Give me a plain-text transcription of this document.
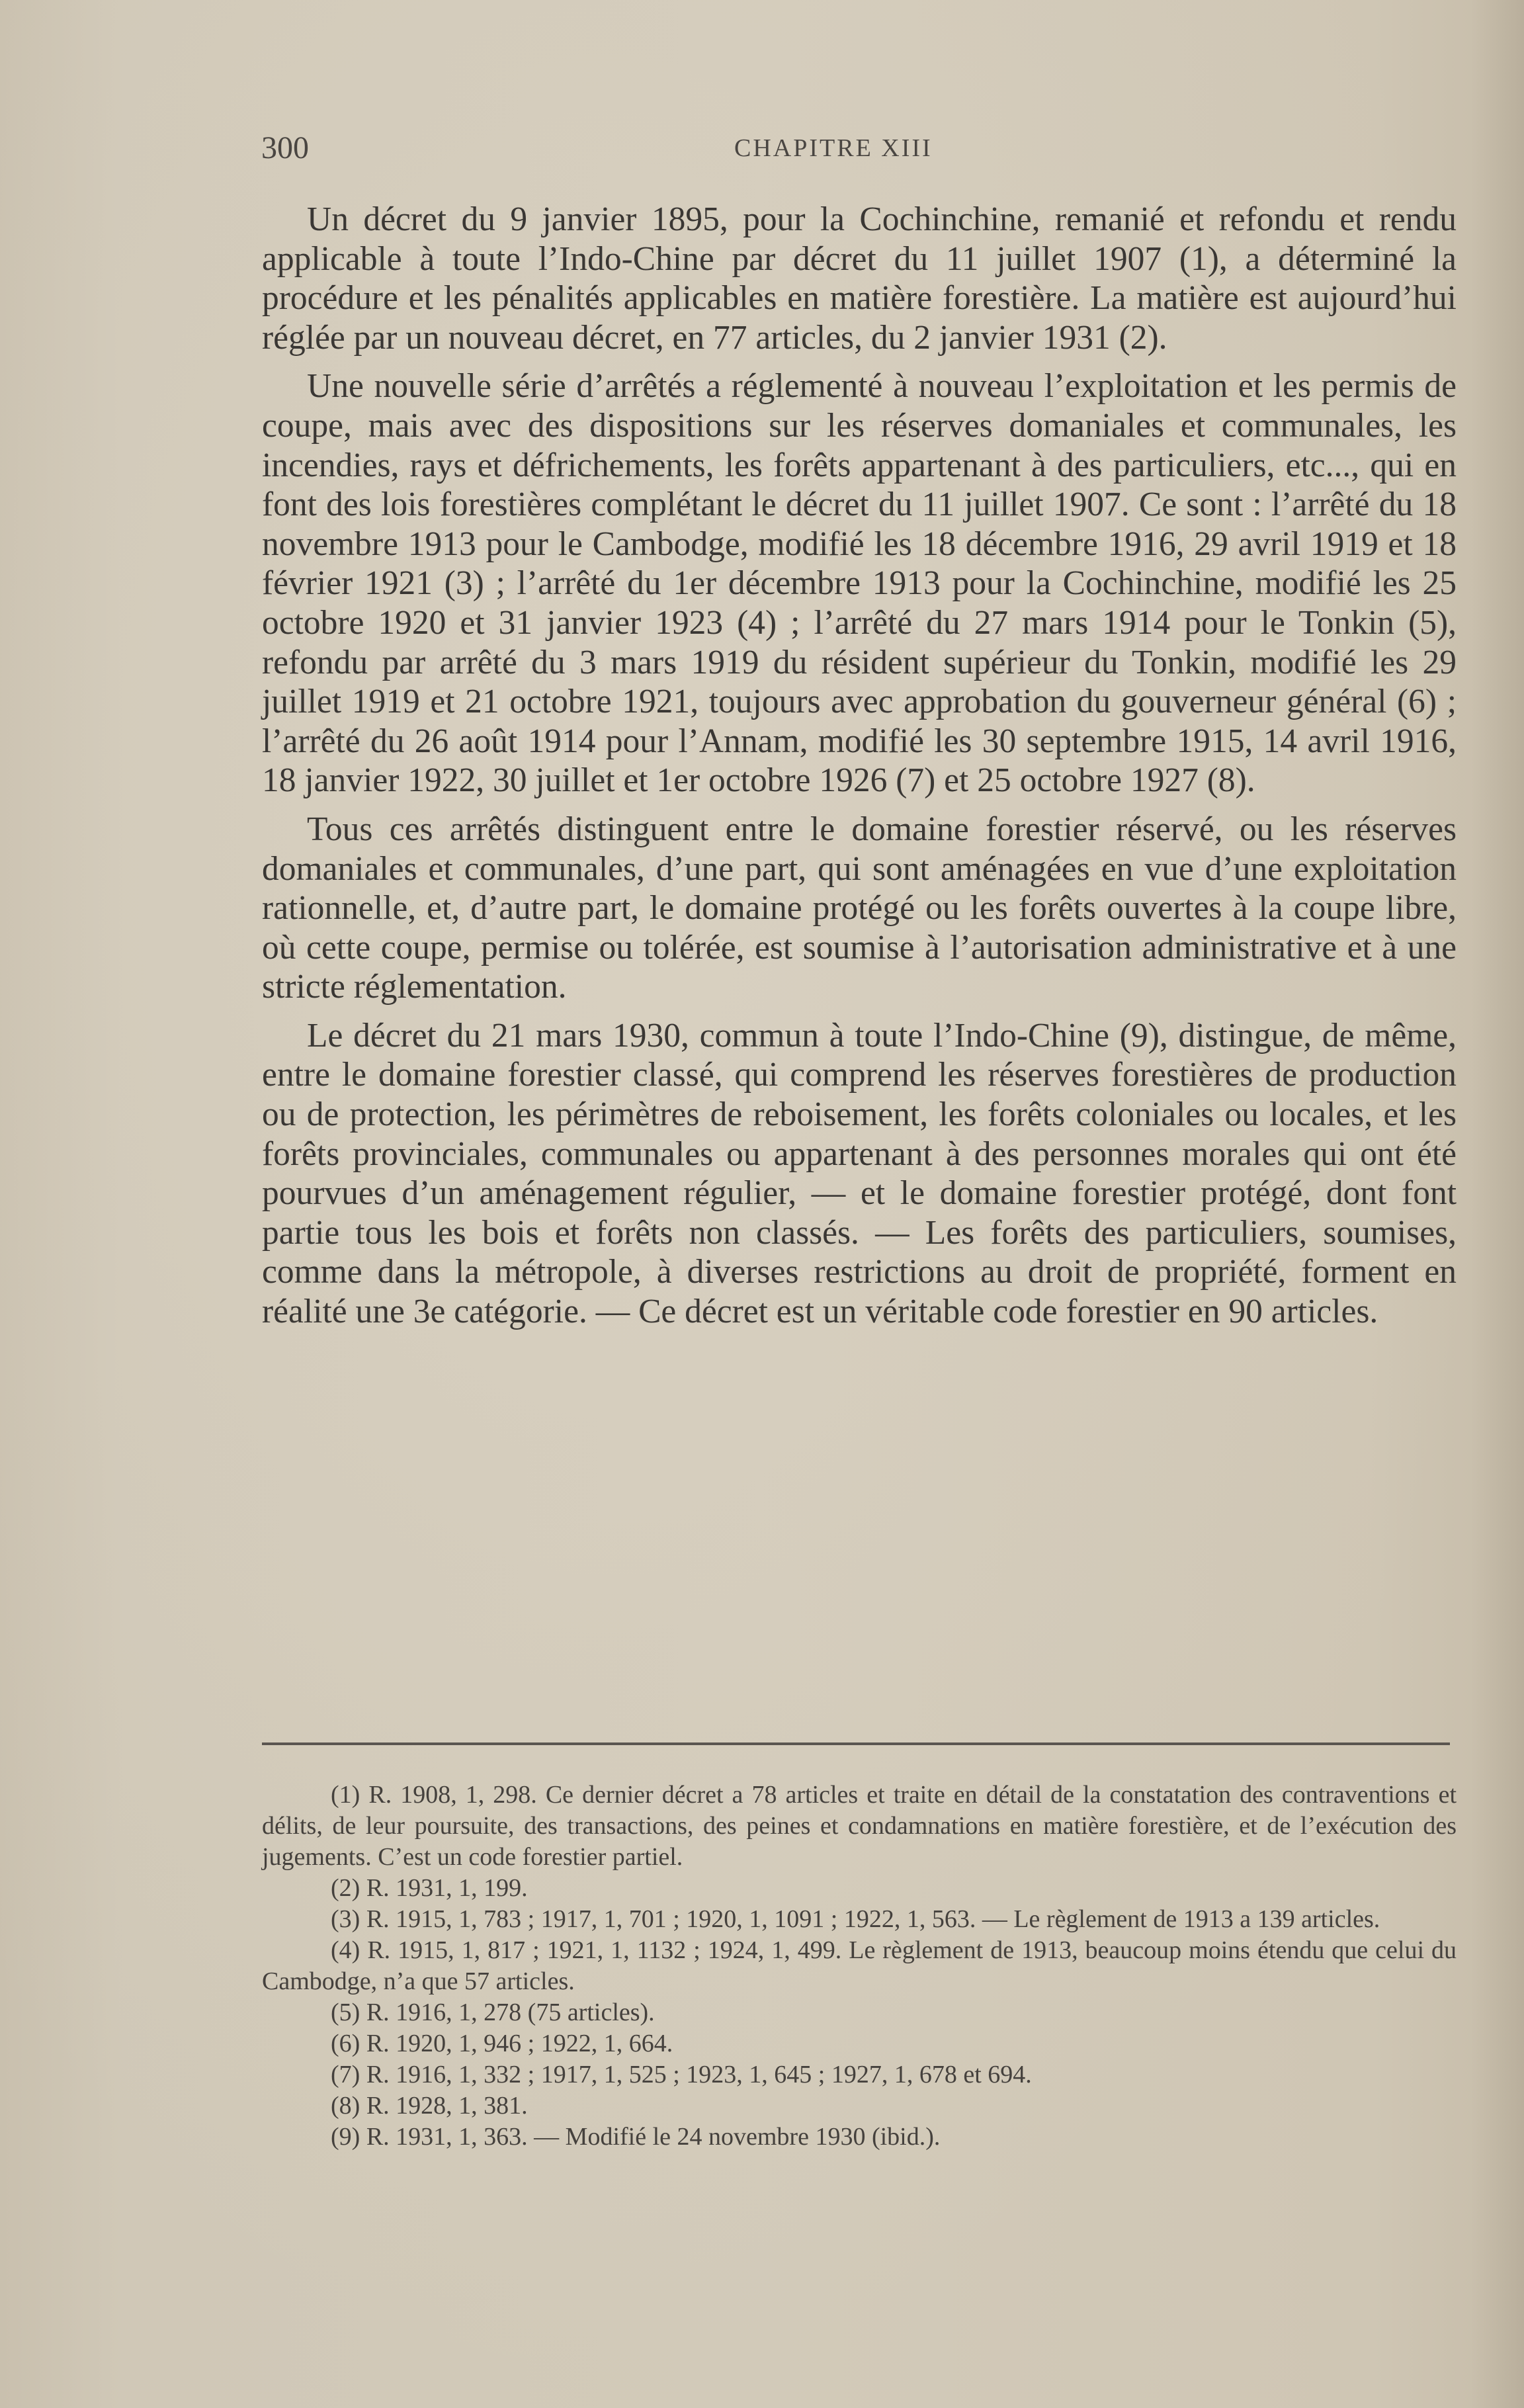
300	CHAPITRE XIII

Un décret du 9 janvier 1895, pour la Cochinchine, remanié et refondu et rendu applicable à toute l’Indo-Chine par décret du 11 juillet 1907 (1), a déterminé la procédure et les pénalités applicables en matière forestière. La matière est aujourd’hui réglée par un nouveau décret, en 77 articles, du 2 janvier 1931 (2).

Une nouvelle série d’arrêtés a réglementé à nouveau l’exploitation et les permis de coupe, mais avec des dispositions sur les réserves domaniales et communales, les incendies, rays et défrichements, les forêts appartenant à des particuliers, etc..., qui en font des lois forestières complétant le décret du 11 juillet 1907. Ce sont : l’arrêté du 18 novembre 1913 pour le Cambodge, modifié les 18 décembre 1916, 29 avril 1919 et 18 février 1921 (3) ; l’arrêté du 1er décembre 1913 pour la Cochinchine, modifié les 25 octobre 1920 et 31 janvier 1923 (4) ; l’arrêté du 27 mars 1914 pour le Tonkin (5), refondu par arrêté du 3 mars 1919 du résident supérieur du Tonkin, modifié les 29 juillet 1919 et 21 octobre 1921, toujours avec approbation du gouverneur général (6) ; l’arrêté du 26 août 1914 pour l’Annam, modifié les 30 septembre 1915, 14 avril 1916, 18 janvier 1922, 30 juillet et 1er octobre 1926 (7) et 25 octobre 1927 (8).

Tous ces arrêtés distinguent entre le domaine forestier réservé, ou les réserves domaniales et communales, d’une part, qui sont aménagées en vue d’une exploitation rationnelle, et, d’autre part, le domaine protégé ou les forêts ouvertes à la coupe libre, où cette coupe, permise ou tolérée, est soumise à l’autorisation administrative et à une stricte réglementation.

Le décret du 21 mars 1930, commun à toute l’Indo-Chine (9), distingue, de même, entre le domaine forestier classé, qui comprend les réserves forestières de production ou de protection, les périmètres de reboisement, les forêts coloniales ou locales, et les forêts provinciales, communales ou appartenant à des personnes morales qui ont été pourvues d’un aménagement régulier, — et le domaine forestier protégé, dont font partie tous les bois et forêts non classés. — Les forêts des particuliers, soumises, comme dans la métropole, à diverses restrictions au droit de propriété, forment en réalité une 3e catégorie. — Ce décret est un véritable code forestier en 90 articles.

(1) R. 1908, 1, 298. Ce dernier décret a 78 articles et traite en détail de la constatation des contraventions et délits, de leur poursuite, des transactions, des peines et condamnations en matière forestière, et de l’exécution des jugements. C’est un code forestier partiel.

(2) R. 1931, 1, 199.

(3) R. 1915, 1, 783 ; 1917, 1, 701 ; 1920, 1, 1091 ; 1922, 1, 563. — Le règlement de 1913 a 139 articles.

(4) R. 1915, 1, 817 ; 1921, 1, 1132 ; 1924, 1, 499. Le règlement de 1913, beaucoup moins étendu que celui du Cambodge, n’a que 57 articles.

(5) R. 1916, 1, 278 (75 articles).

(6) R. 1920, 1, 946 ; 1922, 1, 664.

(7) R. 1916, 1, 332 ; 1917, 1, 525 ; 1923, 1, 645 ; 1927, 1, 678 et 694.

(8) R. 1928, 1, 381.

(9) R. 1931, 1, 363. — Modifié le 24 novembre 1930 (ibid.).
